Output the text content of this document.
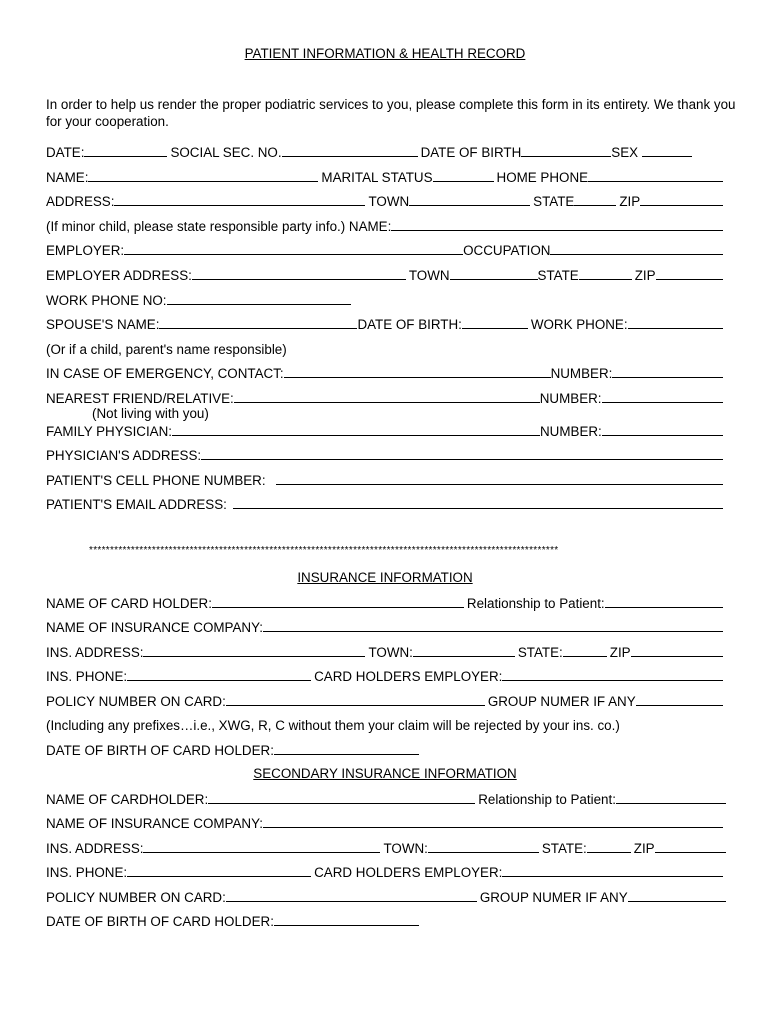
PATIENT INFORMATION & HEALTH RECORD
In order to help us render the proper podiatric services to you, please complete this form in its entirety. We thank you for your cooperation.
DATE:	SOCIAL SEC. NO.	DATE OF BIRTH	SEX
NAME:	MARITAL STATUS	HOME PHONE
ADDRESS:	TOWN	STATE	ZIP
(If minor child, please state responsible party info.) NAME:
EMPLOYER:	OCCUPATION
EMPLOYER ADDRESS:	TOWN	STATE	ZIP
WORK PHONE NO:
SPOUSE'S NAME:	DATE OF BIRTH:	WORK PHONE:
(Or if a child, parent's name responsible)
IN CASE OF EMERGENCY, CONTACT:	NUMBER:
NEAREST FRIEND/RELATIVE:	NUMBER:
(Not living with you)
FAMILY PHYSICIAN:	NUMBER:
PHYSICIAN'S ADDRESS:
PATIENT'S CELL PHONE NUMBER:
PATIENT'S EMAIL ADDRESS:
****************************************************************************************************************
INSURANCE INFORMATION
NAME OF CARD HOLDER:	Relationship to Patient:
NAME OF INSURANCE COMPANY:
INS. ADDRESS:	TOWN:	STATE:	ZIP
INS. PHONE:	CARD HOLDERS EMPLOYER:
POLICY NUMBER ON CARD:	GROUP NUMER IF ANY
(Including any prefixes…i.e., XWG, R, C without them your claim will be rejected by your ins. co.)
DATE OF BIRTH OF CARD HOLDER:
SECONDARY INSURANCE INFORMATION
NAME OF CARDHOLDER:	Relationship to Patient:
NAME OF INSURANCE COMPANY:
INS. ADDRESS:	TOWN:	STATE:	ZIP
INS. PHONE:	CARD HOLDERS EMPLOYER:
POLICY NUMBER ON CARD:	GROUP NUMER IF ANY
DATE OF BIRTH OF CARD HOLDER:
